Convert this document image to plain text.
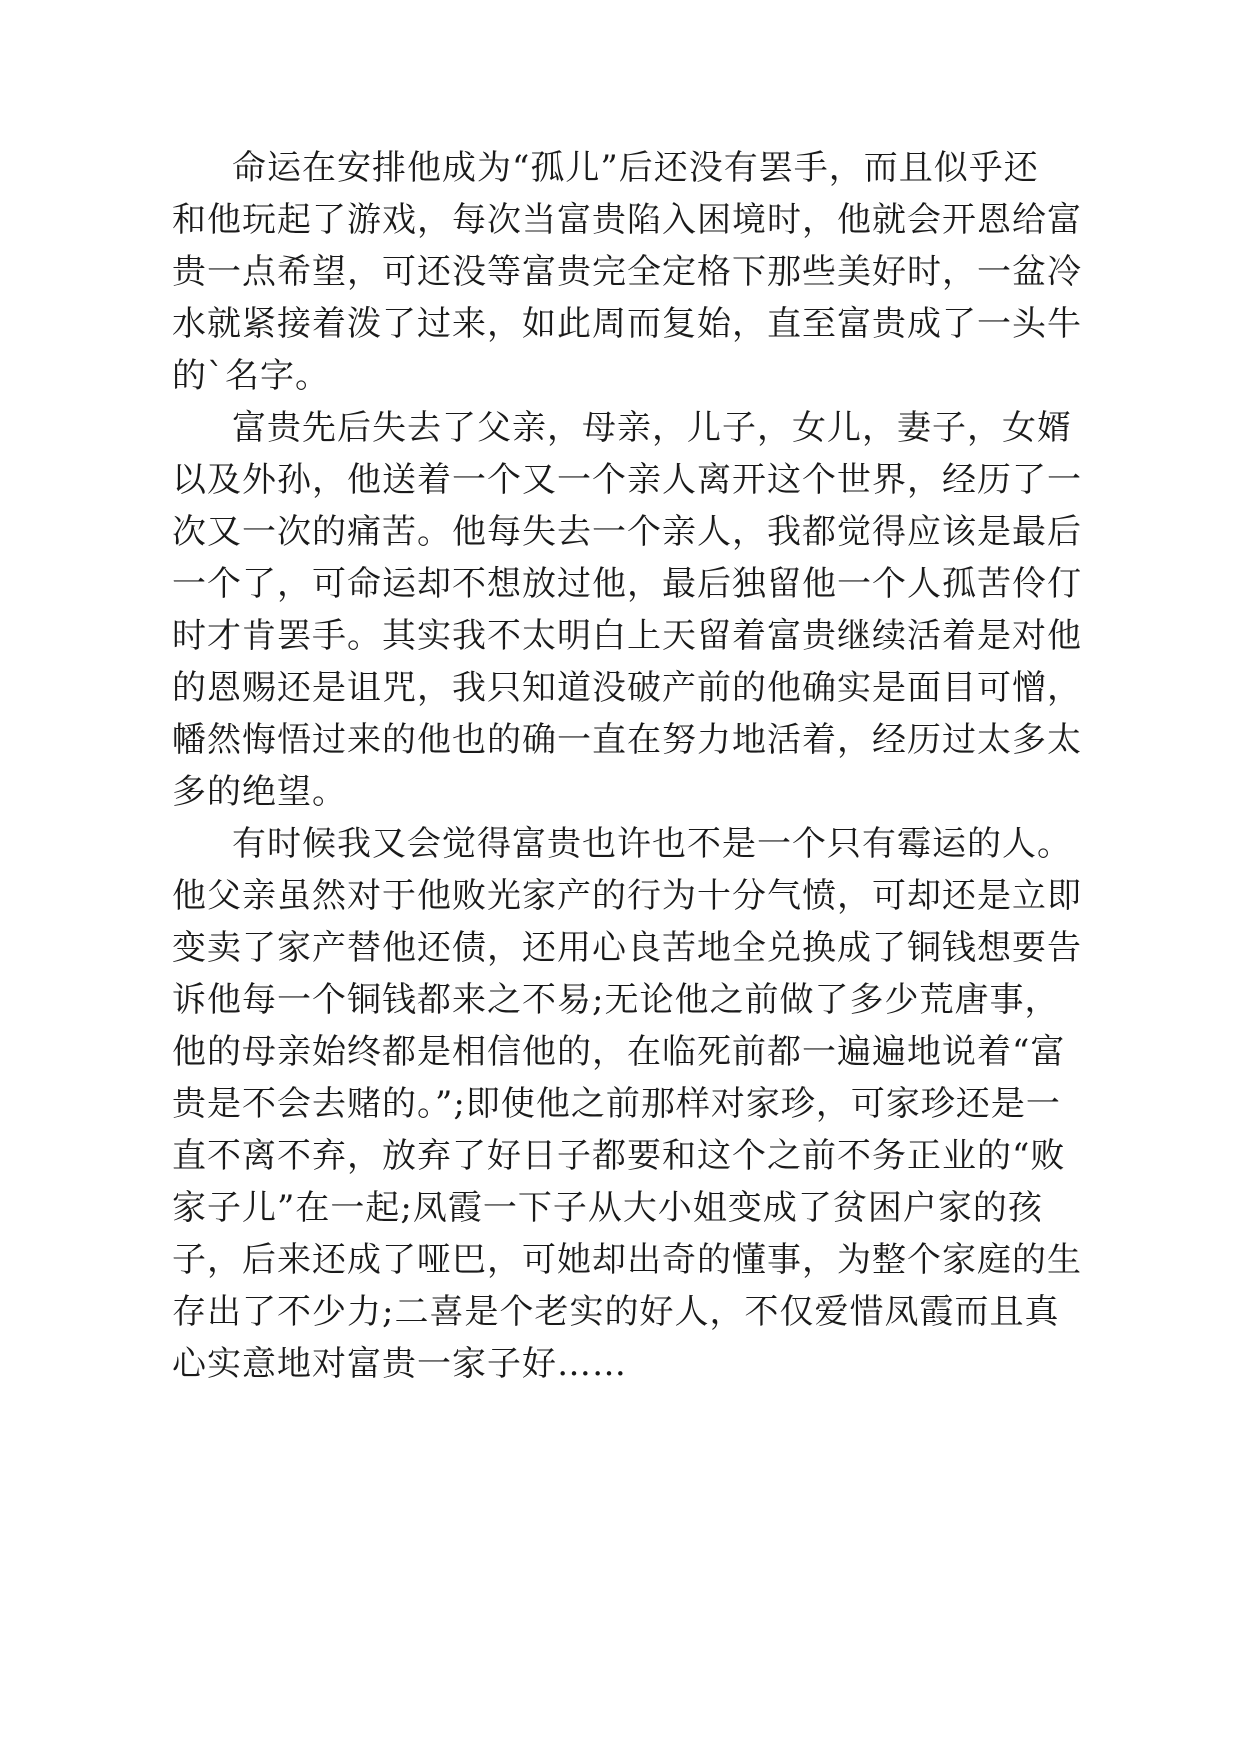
命运在安排他成为“孤儿”后还没有罢手，而且似乎还
和他玩起了游戏，每次当富贵陷入困境时，他就会开恩给富
贵一点希望，可还没等富贵完全定格下那些美好时，一盆冷
水就紧接着泼了过来，如此周而复始，直至富贵成了一头牛
的`名字。
富贵先后失去了父亲，母亲，儿子，女儿，妻子，女婿
以及外孙，他送着一个又一个亲人离开这个世界，经历了一
次又一次的痛苦。他每失去一个亲人，我都觉得应该是最后
一个了，可命运却不想放过他，最后独留他一个人孤苦伶仃
时才肯罢手。其实我不太明白上天留着富贵继续活着是对他
的恩赐还是诅咒，我只知道没破产前的他确实是面目可憎，
幡然悔悟过来的他也的确一直在努力地活着，经历过太多太
多的绝望。
有时候我又会觉得富贵也许也不是一个只有霉运的人。
他父亲虽然对于他败光家产的行为十分气愤，可却还是立即
变卖了家产替他还债，还用心良苦地全兑换成了铜钱想要告
诉他每一个铜钱都来之不易;无论他之前做了多少荒唐事，
他的母亲始终都是相信他的，在临死前都一遍遍地说着“富
贵是不会去赌的。”;即使他之前那样对家珍，可家珍还是一
直不离不弃，放弃了好日子都要和这个之前不务正业的“败
家子儿”在一起;凤霞一下子从大小姐变成了贫困户家的孩
子，后来还成了哑巴，可她却出奇的懂事，为整个家庭的生
存出了不少力;二喜是个老实的好人，不仅爱惜凤霞而且真
心实意地对富贵一家子好……
